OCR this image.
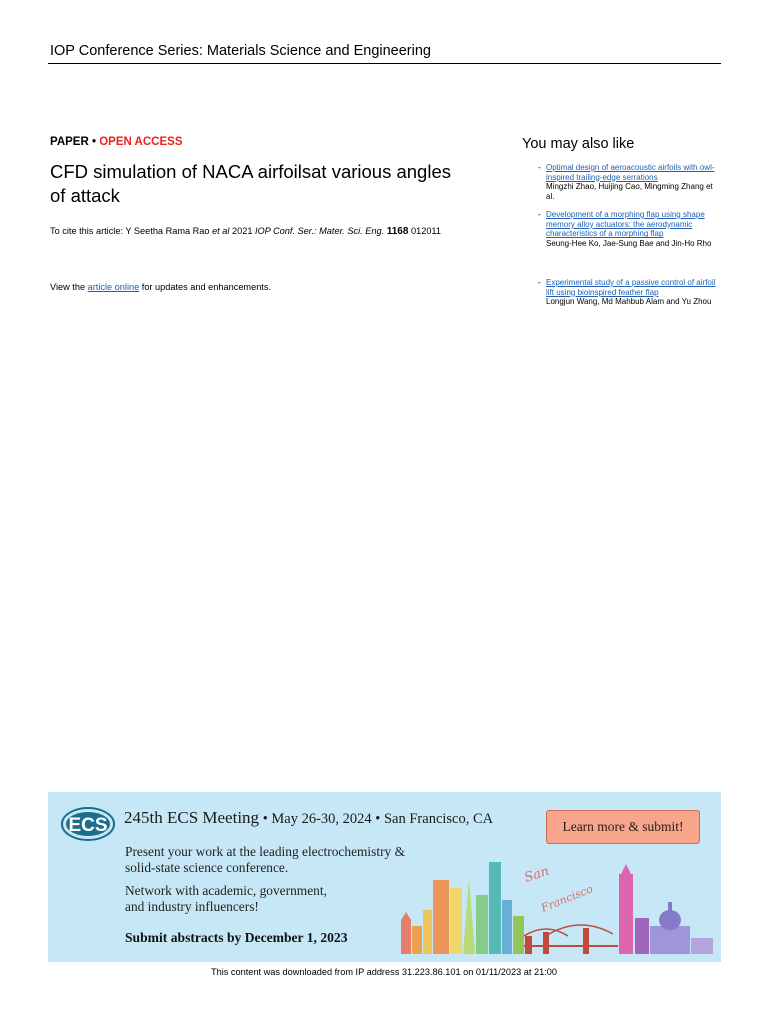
IOP Conference Series: Materials Science and Engineering
PAPER • OPEN ACCESS
CFD simulation of NACA airfoilsat various angles
of attack
To cite this article: Y Seetha Rama Rao et al 2021 IOP Conf. Ser.: Mater. Sci. Eng. 1168 012011
View the article online for updates and enhancements.
You may also like
- Optimal design of aeroacoustic airfoils with owl-inspired trailing-edge serrations
Mingzhi Zhao, Huijing Cao, Mingming Zhang et al.
- Development of a morphing flap using shape memory alloy actuators: the aerodynamic characteristics of a morphing flap
Seung-Hee Ko, Jae-Sung Bae and Jin-Ho Rho
- Experimental study of a passive control of airfoil lift using bioinspired feather flap
Longjun Wang, Md Mahbub Alam and Yu Zhou
ECS 245th ECS Meeting • May 26-30, 2024 • San Francisco, CA
Present your work at the leading electrochemistry &
solid-state science conference.
Network with academic, government,
and industry influencers!
Submit abstracts by December 1, 2023
Learn more & submit!
San
Francisco
This content was downloaded from IP address 31.223.86.101 on 01/11/2023 at 21:00
